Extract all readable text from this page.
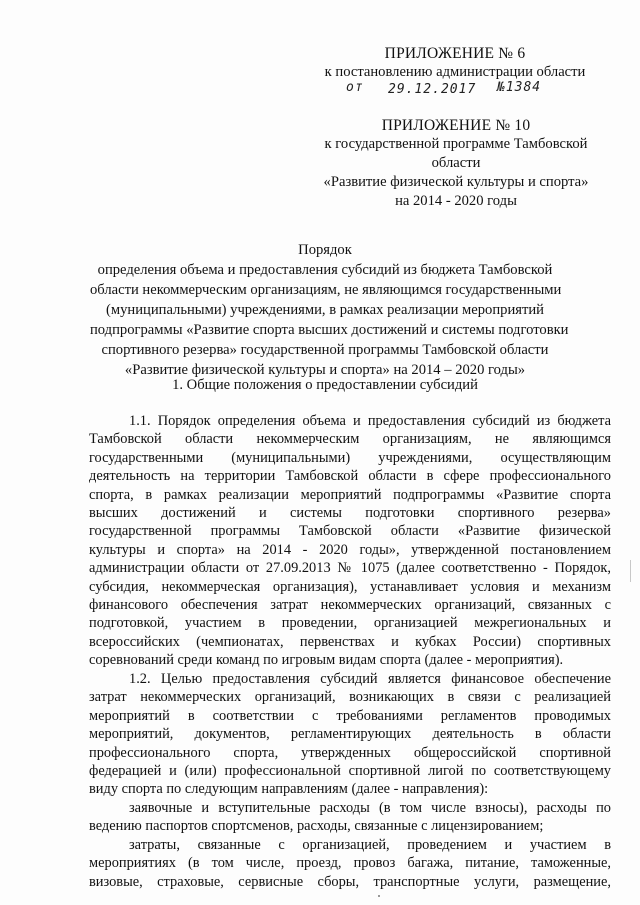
ПРИЛОЖЕНИЕ № 6
к постановлению администрации области
от 29.12.2017 №1384
ПРИЛОЖЕНИЕ № 10
к государственной программе Тамбовской
области
«Развитие физической культуры и спорта»
на 2014 - 2020 годы
Порядок
определения объема и предоставления субсидий из бюджета Тамбовской
области некоммерческим организациям, не являющимся государственными
(муниципальными) учреждениями, в рамках реализации мероприятий
подпрограммы «Развитие спорта высших достижений и системы подготовки
спортивного резерва» государственной программы Тамбовской области
«Развитие физической культуры и спорта» на 2014 – 2020 годы»
1. Общие положения о предоставлении субсидий
1.1. Порядок определения объема и предоставления субсидий из бюджета
Тамбовской области некоммерческим организациям, не являющимся
государственными (муниципальными) учреждениями, осуществляющим
деятельность на территории Тамбовской области в сфере профессионального
спорта, в рамках реализации мероприятий подпрограммы «Развитие спорта
высших достижений и системы подготовки спортивного резерва»
государственной программы Тамбовской области «Развитие физической
культуры и спорта» на 2014 - 2020 годы», утвержденной постановлением
администрации области от 27.09.2013 № 1075 (далее соответственно - Порядок,
субсидия, некоммерческая организация), устанавливает условия и механизм
финансового обеспечения затрат некоммерческих организаций, связанных с
подготовкой, участием в проведении, организацией межрегиональных и
всероссийских (чемпионатах, первенствах и кубках России) спортивных
соревнований среди команд по игровым видам спорта (далее - мероприятия).
1.2. Целью предоставления субсидий является финансовое обеспечение
затрат некоммерческих организаций, возникающих в связи с реализацией
мероприятий в соответствии с требованиями регламентов проводимых
мероприятий, документов, регламентирующих деятельность в области
профессионального спорта, утвержденных общероссийской спортивной
федерацией и (или) профессиональной спортивной лигой по соответствующему
виду спорта по следующим направлениям (далее - направления):
заявочные и вступительные расходы (в том числе взносы), расходы по
ведению паспортов спортсменов, расходы, связанные с лицензированием;
затраты, связанные с организацией, проведением и участием в
мероприятиях (в том числе, проезд, провоз багажа, питание, таможенные,
визовые, страховые, сервисные сборы, транспортные услуги, размещение,
